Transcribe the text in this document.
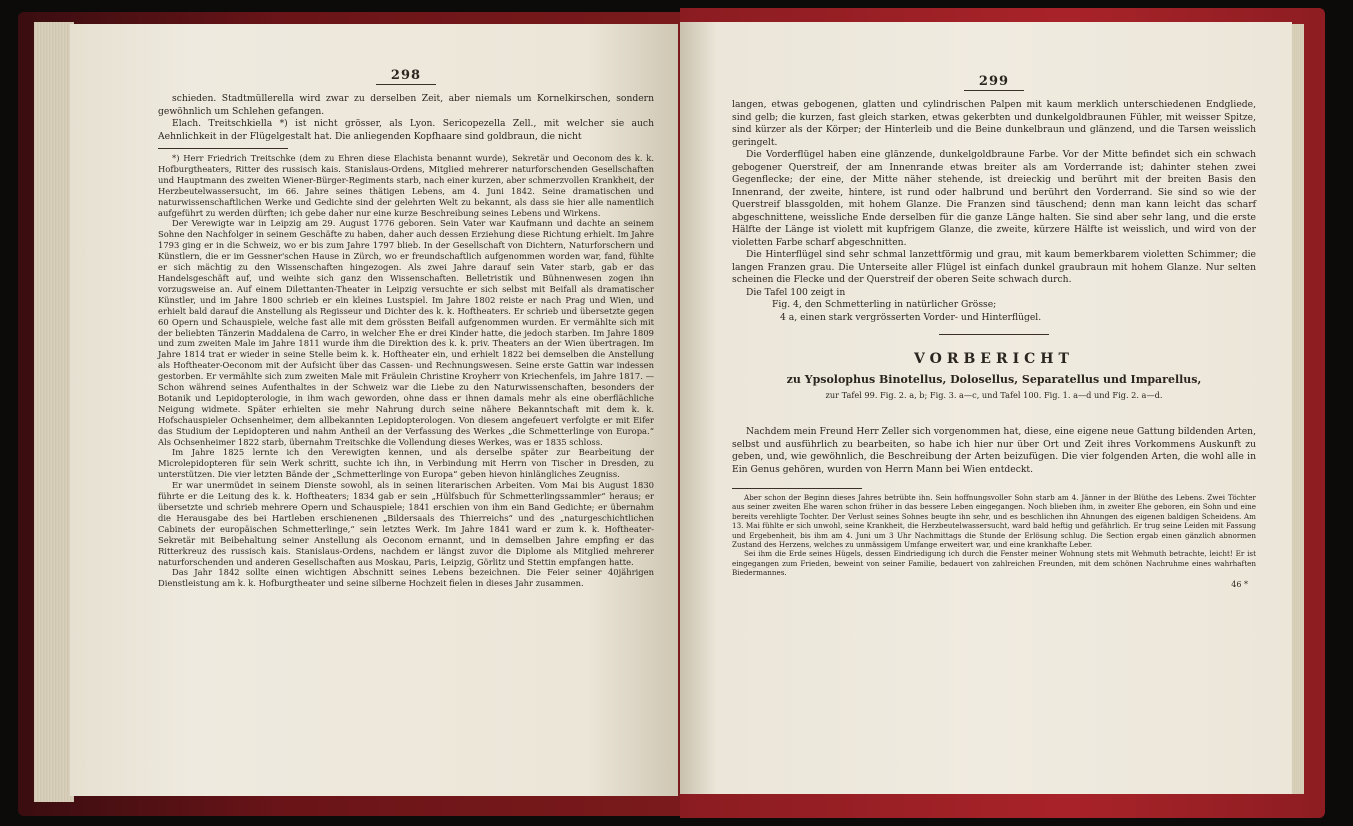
298

schieden. Stadtmüllerella wird zwar zu derselben Zeit, aber niemals um Kornelkirschen, sondern gewöhnlich um Schlehen gefangen.

Elach. Treitschkiella *) ist nicht grösser, als Lyon. Sericopezella Zell., mit welcher sie auch Aehnlichkeit in der Flügelgestalt hat. Die anliegenden Kopfhaare sind goldbraun, die nicht

*) Herr Friedrich Treitschke (dem zu Ehren diese Elachista benannt wurde), Sekretär und Oeconom des k. k. Hofburgtheaters, Ritter des russisch kais. Stanislaus-Ordens, Mitglied mehrerer naturforschenden Gesellschaften und Hauptmann des zweiten Wiener-Bürger-Regiments starb, nach einer kurzen, aber schmerzvollen Krankheit, der Herzbeutelwassersucht, im 66. Jahre seines thätigen Lebens, am 4. Juni 1842. Seine dramatischen und naturwissenschaftlichen Werke und Gedichte sind der gelehrten Welt zu bekannt, als dass sie hier alle namentlich aufgeführt zu werden dürften; ich gebe daher nur eine kurze Beschreibung seines Lebens und Wirkens.

Der Verewigte war in Leipzig am 29. August 1776 geboren. Sein Vater war Kaufmann und dachte an seinem Sohne den Nachfolger in seinem Geschäfte zu haben, daher auch dessen Erziehung diese Richtung erhielt. Im Jahre 1793 ging er in die Schweiz, wo er bis zum Jahre 1797 blieb. In der Gesellschaft von Dichtern, Naturforschern und Künstlern, die er im Gessner'schen Hause in Zürch, wo er freundschaftlich aufgenommen worden war, fand, fühlte er sich mächtig zu den Wissenschaften hingezogen. Als zwei Jahre darauf sein Vater starb, gab er das Handelsgeschäft auf, und weihte sich ganz den Wissenschaften. Belletristik und Bühnenwesen zogen ihn vorzugsweise an. Auf einem Dilettanten-Theater in Leipzig versuchte er sich selbst mit Beifall als dramatischer Künstler, und im Jahre 1800 schrieb er ein kleines Lustspiel. Im Jahre 1802 reiste er nach Prag und Wien, und erhielt bald darauf die Anstellung als Regisseur und Dichter des k. k. Hoftheaters. Er schrieb und übersetzte gegen 60 Opern und Schauspiele, welche fast alle mit dem grössten Beifall aufgenommen wurden. Er vermählte sich mit der beliebten Tänzerin Maddalena de Carro, in welcher Ehe er drei Kinder hatte, die jedoch starben. Im Jahre 1809 und zum zweiten Male im Jahre 1811 wurde ihm die Direktion des k. k. priv. Theaters an der Wien übertragen. Im Jahre 1814 trat er wieder in seine Stelle beim k. k. Hoftheater ein, und erhielt 1822 bei demselben die Anstellung als Hoftheater-Oeconom mit der Aufsicht über das Cassen- und Rechnungswesen. Seine erste Gattin war indessen gestorben. Er vermählte sich zum zweiten Male mit Fräulein Christine Kroyherr von Kriechenfels, im Jahre 1817. — Schon während seines Aufenthaltes in der Schweiz war die Liebe zu den Naturwissenschaften, besonders der Botanik und Lepidopterologie, in ihm wach geworden, ohne dass er ihnen damals mehr als eine oberflächliche Neigung widmete. Später erhielten sie mehr Nahrung durch seine nähere Bekanntschaft mit dem k. k. Hofschauspieler Ochsenheimer, dem allbekannten Lepidopterologen. Von diesem angefeuert verfolgte er mit Eifer das Studium der Lepidopteren und nahm Antheil an der Verfassung des Werkes „die Schmetterlinge von Europa.“ Als Ochsenheimer 1822 starb, übernahm Treitschke die Vollendung dieses Werkes, was er 1835 schloss.

Im Jahre 1825 lernte ich den Verewigten kennen, und als derselbe später zur Bearbeitung der Microlepidopteren für sein Werk schritt, suchte ich ihn, in Verbindung mit Herrn von Tischer in Dresden, zu unterstützen. Die vier letzten Bände der „Schmetterlinge von Europa“ geben hievon hinlängliches Zeugniss.

Er war unermüdet in seinem Dienste sowohl, als in seinen literarischen Arbeiten. Vom Mai bis August 1830 führte er die Leitung des k. k. Hoftheaters; 1834 gab er sein „Hülfsbuch für Schmetterlingssammler“ heraus; er übersetzte und schrieb mehrere Opern und Schauspiele; 1841 erschien von ihm ein Band Gedichte; er übernahm die Herausgabe des bei Hartleben erschienenen „Bildersaals des Thierreichs“ und des „naturgeschichtlichen Cabinets der europäischen Schmetterlinge,“ sein letztes Werk. Im Jahre 1841 ward er zum k. k. Hoftheater-Sekretär mit Beibehaltung seiner Anstellung als Oeconom ernannt, und in demselben Jahre empfing er das Ritterkreuz des russisch kais. Stanislaus-Ordens, nachdem er längst zuvor die Diplome als Mitglied mehrerer naturforschenden und anderen Gesellschaften aus Moskau, Paris, Leipzig, Görlitz und Stettin empfangen hatte.

Das Jahr 1842 sollte einen wichtigen Abschnitt seines Lebens bezeichnen. Die Feier seiner 40jährigen Dienstleistung am k. k. Hofburgtheater und seine silberne Hochzeit fielen in dieses Jahr zusammen.

299

langen, etwas gebogenen, glatten und cylindrischen Palpen mit kaum merklich unterschiedenen Endgliede, sind gelb; die kurzen, fast gleich starken, etwas gekerbten und dunkelgoldbraunen Fühler, mit weisser Spitze, sind kürzer als der Körper; der Hinterleib und die Beine dunkelbraun und glänzend, und die Tarsen weisslich geringelt.

Die Vorderflügel haben eine glänzende, dunkelgoldbraune Farbe. Vor der Mitte befindet sich ein schwach gebogener Querstreif, der am Innenrande etwas breiter als am Vorderrande ist; dahinter stehen zwei Gegenflecke; der eine, der Mitte näher stehende, ist dreieckig und berührt mit der breiten Basis den Innenrand, der zweite, hintere, ist rund oder halbrund und berührt den Vorderrand. Sie sind so wie der Querstreif blassgolden, mit hohem Glanze. Die Franzen sind täuschend; denn man kann leicht das scharf abgeschnittene, weissliche Ende derselben für die ganze Länge halten. Sie sind aber sehr lang, und die erste Hälfte der Länge ist violett mit kupfrigem Glanze, die zweite, kürzere Hälfte ist weisslich, und wird von der violetten Farbe scharf abgeschnitten.

Die Hinterflügel sind sehr schmal lanzettförmig und grau, mit kaum bemerkbarem violetten Schimmer; die langen Franzen grau. Die Unterseite aller Flügel ist einfach dunkel graubraun mit hohem Glanze. Nur selten scheinen die Flecke und der Querstreif der oberen Seite schwach durch.

Die Tafel 100 zeigt in

Fig. 4, den Schmetterling in natürlicher Grösse;
4 a, einen stark vergrösserten Vorder- und Hinterflügel.
VORBERICHT
zu Ypsolophus Binotellus, Dolosellus, Separatellus und Imparellus,
zur Tafel 99. Fig. 2. a, b; Fig. 3. a—c, und Tafel 100. Fig. 1. a—d und Fig. 2. a—d.

Nachdem mein Freund Herr Zeller sich vorgenommen hat, diese, eine eigene neue Gattung bildenden Arten, selbst und ausführlich zu bearbeiten, so habe ich hier nur über Ort und Zeit ihres Vorkommens Auskunft zu geben, und, wie gewöhnlich, die Beschreibung der Arten beizufügen. Die vier folgenden Arten, die wohl alle in Ein Genus gehören, wurden von Herrn Mann bei Wien entdeckt.

Aber schon der Beginn dieses Jahres betrübte ihn. Sein hoffnungsvoller Sohn starb am 4. Jänner in der Blüthe des Lebens. Zwei Töchter aus seiner zweiten Ehe waren schon früher in das bessere Leben eingegangen. Noch blieben ihm, in zweiter Ehe geboren, ein Sohn und eine bereits verehligte Tochter. Der Verlust seines Sohnes beugte ihn sehr, und es beschlichen ihn Ahnungen des eigenen baldigen Scheidens. Am 13. Mai fühlte er sich unwohl, seine Krankheit, die Herzbeutelwassersucht, ward bald heftig und gefährlich. Er trug seine Leiden mit Fassung und Ergebenheit, bis ihm am 4. Juni um 3 Uhr Nachmittags die Stunde der Erlösung schlug. Die Section ergab einen gänzlich abnormen Zustand des Herzens, welches zu unmässigem Umfange erweitert war, und eine krankhafte Leber.

Sei ihm die Erde seines Hügels, dessen Eindriedigung ich durch die Fenster meiner Wohnung stets mit Wehmuth betrachte, leicht! Er ist eingegangen zum Frieden, beweint von seiner Familie, bedauert von zahlreichen Freunden, mit dem schönen Nachruhme eines wahrhaften Biedermannes.

46 *
